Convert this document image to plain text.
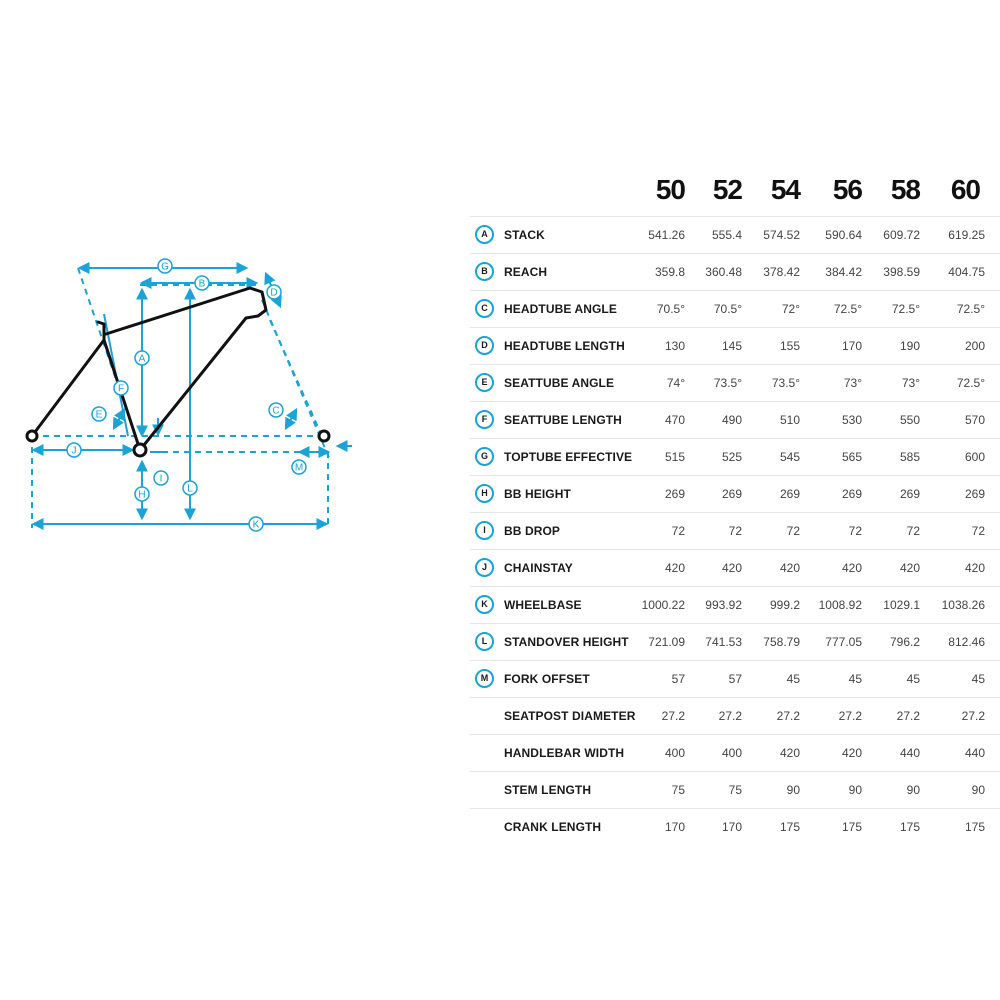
A
B
C
D
E
F
G
H
I
J
K
L
M
50 52	54	56	58	60
A	STACK	541.26	555.4	574.52	590.64	609.72	619.25
B	REACH	359.8	360.48	378.42	384.42	398.59	404.75
C	HEADTUBE ANGLE	70.5°	70.5°	72°	72.5°	72.5°	72.5°
D	HEADTUBE LENGTH	130	145	155	170	190	200
E	SEATTUBE ANGLE	74°	73.5°	73.5°	73°	73°	72.5°
F	SEATTUBE LENGTH	470	490	510	530	550	570
G	TOPTUBE EFFECTIVE	515	525	545	565	585	600
H	BB HEIGHT	269	269	269	269	269	269
I	BB DROP	72	72	72	72	72	72
J	CHAINSTAY	420	420	420	420	420	420
K	WHEELBASE	1000.22	993.92	999.2	1008.92	1029.1	1038.26
L	STANDOVER HEIGHT	721.09	741.53	758.79	777.05	796.2	812.46
M	FORK OFFSET	57	57	45	45	45	45
SEATPOST DIAMETER	27.2	27.2	27.2	27.2	27.2	27.2
HANDLEBAR WIDTH	400	400	420	420	440	440
STEM LENGTH	75	75	90	90	90	90
CRANK LENGTH	170	170	175	175	175	175
